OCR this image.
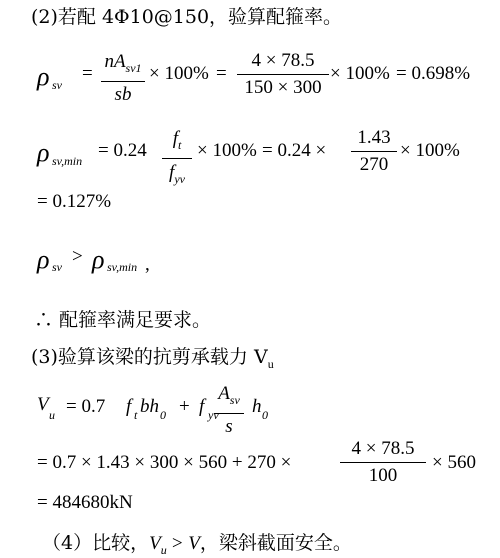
(2)若配 4Φ10@150，验算配箍率。
ρ sv
=
$nA_{sv1}$
sb
× 100% =
4 × 78.5
150 × 300
× 100% = 0.698%
ρ sv,min = 0.24
$f_t$
$f_{yv}$
× 100% = 0.24 ×
1.43
270
× 100%
= 0.127%
ρ sv > ρ sv,min ,
∴ 配箍率满足要求。
(3)验算该梁的抗剪承载力 $V_u$
V u = 0.7 f t bh 0 + f yv
$A_{sv}$
s
h 0
= 0.7 × 1.43 × 300 × 560 + 270 ×
4 × 78.5
100
× 560
= 484680kN
（4）比较，$V_u > V$，梁斜截面安全。
